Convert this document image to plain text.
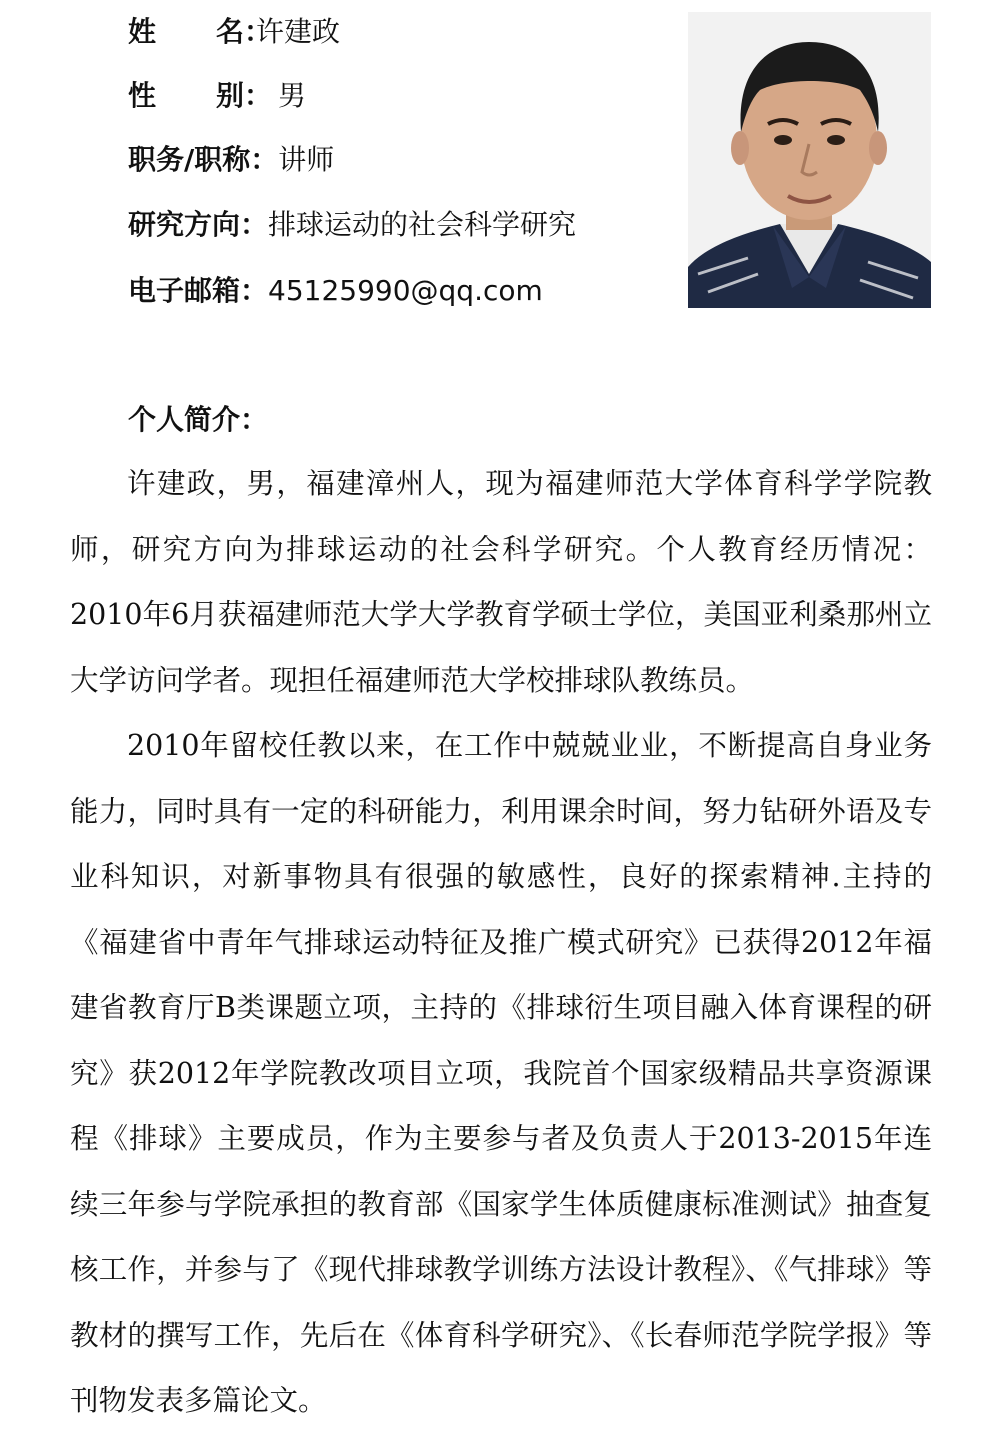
姓 名：许建政
性 别： 男
职务/职称：讲师
研究方向：排球运动的社会科学研究
电子邮箱：45125990@qq.com
个人简介：

许建政，男，福建漳州人，现为福建师范大学体育科学学院教师，研究方向为排球运动的社会科学研究。个人教育经历情况：2010年6月获福建师范大学大学教育学硕士学位，美国亚利桑那州立大学访问学者。现担任福建师范大学校排球队教练员。

2010年留校任教以来，在工作中兢兢业业，不断提高自身业务能力，同时具有一定的科研能力，利用课余时间，努力钻研外语及专业科知识，对新事物具有很强的敏感性，良好的探索精神.主持的《福建省中青年气排球运动特征及推广模式研究》已获得2012年福建省教育厅B类课题立项，主持的《排球衍生项目融入体育课程的研究》获2012年学院教改项目立项，我院首个国家级精品共享资源课程《排球》主要成员，作为主要参与者及负责人于2013-2015年连续三年参与学院承担的教育部《国家学生体质健康标准测试》抽查复核工作，并参与了《现代排球教学训练方法设计教程》、《气排球》等教材的撰写工作，先后在《体育科学研究》、《长春师范学院学报》等刊物发表多篇论文。
